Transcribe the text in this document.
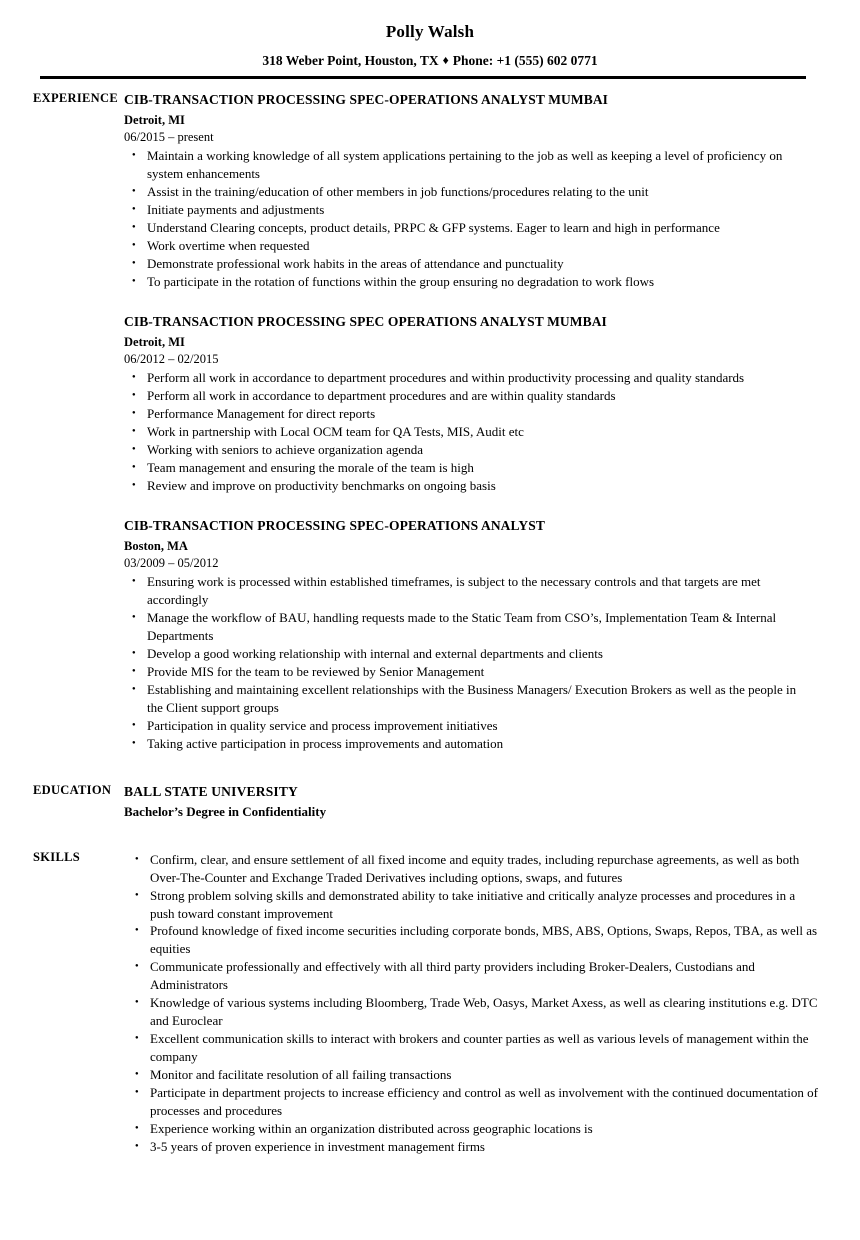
Polly Walsh
318 Weber Point, Houston, TX ♦ Phone: +1 (555) 602 0771
EXPERIENCE CIB-TRANSACTION PROCESSING SPEC-OPERATIONS ANALYST MUMBAI
Detroit, MI
06/2015 – present
● Maintain a working knowledge of all system applications pertaining to the job as well as keeping a level of proficiency on system enhancements
● Assist in the training/education of other members in job functions/procedures relating to the unit
● Initiate payments and adjustments
● Understand Clearing concepts, product details, PRPC & GFP systems. Eager to learn and high in performance
● Work overtime when requested
● Demonstrate professional work habits in the areas of attendance and punctuality
● To participate in the rotation of functions within the group ensuring no degradation to work flows
CIB-TRANSACTION PROCESSING SPEC OPERATIONS ANALYST MUMBAI
Detroit, MI
06/2012 – 02/2015
● Perform all work in accordance to department procedures and within productivity processing and quality standards
● Perform all work in accordance to department procedures and are within quality standards
● Performance Management for direct reports
● Work in partnership with Local OCM team for QA Tests, MIS, Audit etc
● Working with seniors to achieve organization agenda
● Team management and ensuring the morale of the team is high
● Review and improve on productivity benchmarks on ongoing basis
CIB-TRANSACTION PROCESSING SPEC-OPERATIONS ANALYST
Boston, MA
03/2009 – 05/2012
● Ensuring work is processed within established timeframes, is subject to the necessary controls and that targets are met accordingly
● Manage the workflow of BAU, handling requests made to the Static Team from CSO’s, Implementation Team & Internal Departments
● Develop a good working relationship with internal and external departments and clients
● Provide MIS for the team to be reviewed by Senior Management
● Establishing and maintaining excellent relationships with the Business Managers/ Execution Brokers as well as the people in the Client support groups
● Participation in quality service and process improvement initiatives
● Taking active participation in process improvements and automation
EDUCATION BALL STATE UNIVERSITY
Bachelor’s Degree in Confidentiality
SKILLS	● Confirm, clear, and ensure settlement of all fixed income and equity trades, including repurchase agreements, as well as both Over-The-Counter and Exchange Traded Derivatives including options, swaps, and futures
● Strong problem solving skills and demonstrated ability to take initiative and critically analyze processes and procedures in a push toward constant improvement
● Profound knowledge of fixed income securities including corporate bonds, MBS, ABS, Options, Swaps, Repos, TBA, as well as equities
● Communicate professionally and effectively with all third party providers including Broker-Dealers, Custodians and Administrators
● Knowledge of various systems including Bloomberg, Trade Web, Oasys, Market Axess, as well as clearing institutions e.g. DTC and Euroclear
● Excellent communication skills to interact with brokers and counter parties as well as various levels of management within the company
● Monitor and facilitate resolution of all failing transactions
● Participate in department projects to increase efficiency and control as well as involvement with the continued documentation of processes and procedures
● Experience working within an organization distributed across geographic locations is
● 3-5 years of proven experience in investment management firms
